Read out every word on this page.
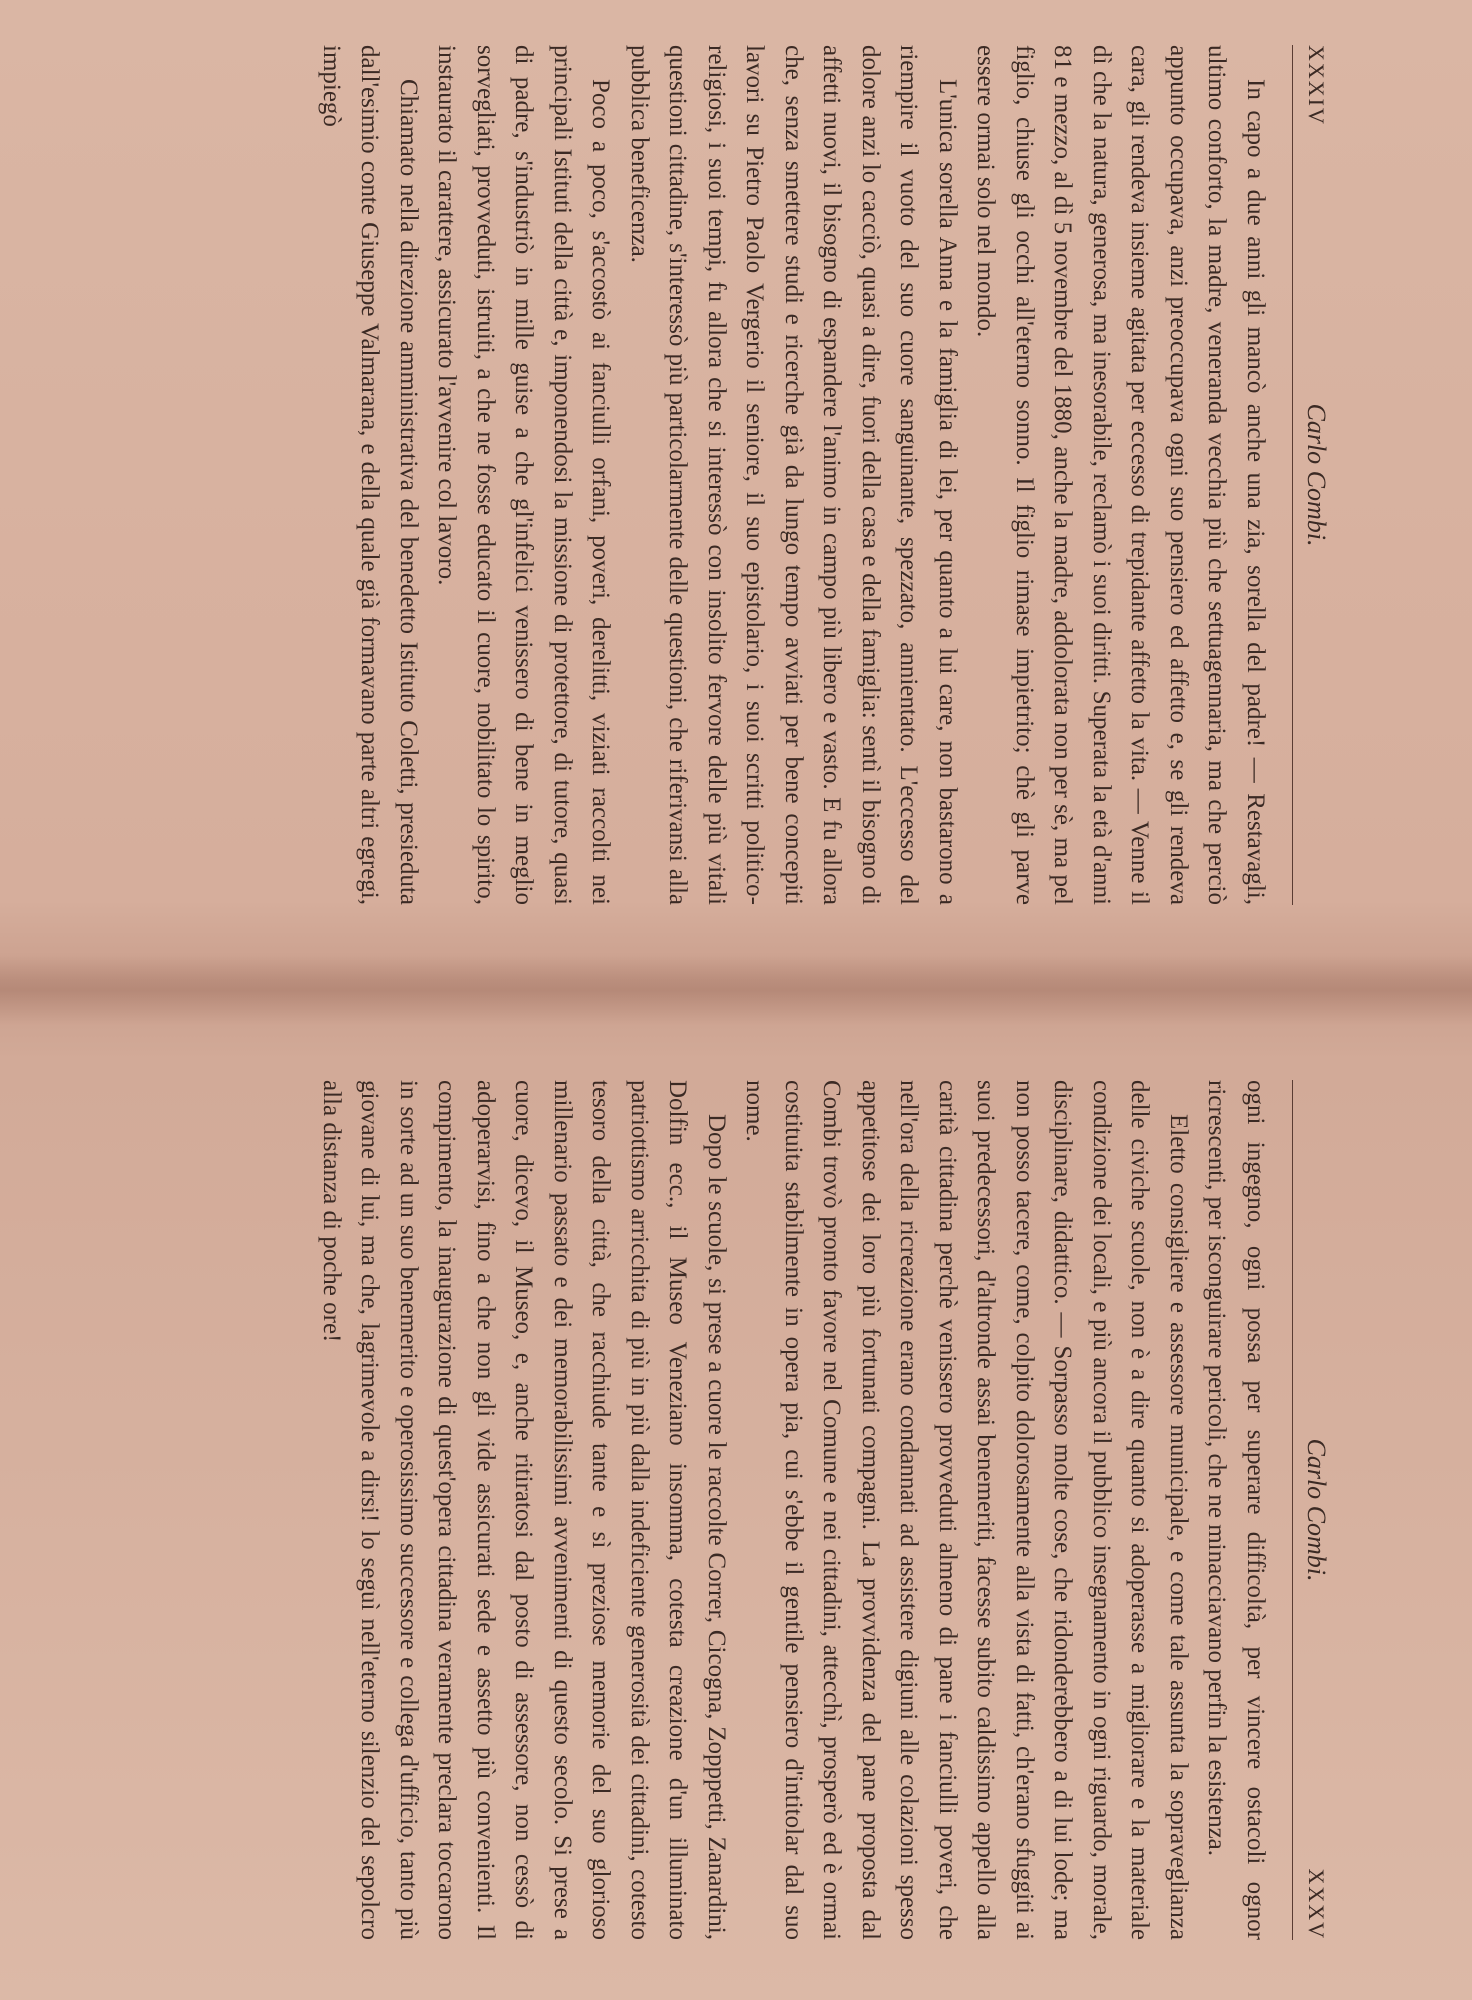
XXXIV
Carlo Combi.

In capo a due anni gli mancò anche una zia, sorella del padre! — Restavagli, ultimo conforto, la madre, veneranda vecchia più che settuagennaria, ma che perciò appunto occupava, anzi preoccupava ogni suo pensiero ed affetto e, se gli rendeva cara, gli rendeva insieme agitata per eccesso di trepidante affetto la vita. — Venne il dì che la natura, generosa, ma inesorabile, reclamò i suoi diritti. Superata la età d'anni 81 e mezzo, al dì 5 novembre del 1880, anche la madre, addolorata non per sè, ma pel figlio, chiuse gli occhi all'eterno sonno. Il figlio rimase impietrito; chè gli parve essere ormai solo nel mondo.

L'unica sorella Anna e la famiglia di lei, per quanto a lui care, non bastarono a riempire il vuoto del suo cuore sanguinante, spezzato, annientato. L'eccesso del dolore anzi lo cacciò, quasi a dire, fuori della casa e della famiglia: sentì il bisogno di affetti nuovi, il bisogno di espandere l'animo in campo più libero e vasto. E fu allora che, senza smettere studi e ricerche già da lungo tempo avviati per bene concepiti lavori su Pietro Paolo Vergerio il seniore, il suo epistolario, i suoi scritti politico-religiosi, i suoi tempi, fu allora che si interessò con insolito fervore delle più vitali questioni cittadine, s'interessò più particolarmente delle questioni, che riferivansi alla pubblica beneficenza.

Poco a poco, s'accostò ai fanciulli orfani, poveri, derelitti, viziati raccolti nei principali Istituti della città e, imponendosi la missione di protettore, di tutore, quasi di padre, s'industriò in mille guise a che gl'infelici venissero di bene in meglio sorvegliati, provveduti, istruiti, a che ne fosse educato il cuore, nobilitato lo spirito, instaurato il carattere, assicurato l'avvenire col lavoro.

Chiamato nella direzione amministrativa del benedetto Istituto Coletti, presieduta dall'esimio conte Giuseppe Valmarana, e della quale già formavano parte altri egregi, impiegò

Carlo Combi.
XXXV

ogni ingegno, ogni possa per superare difficoltà, per vincere ostacoli ognor ricrescenti, per isconguirare pericoli, che ne minacciavano perfin la esistenza.

Eletto consigliere e assessore municipale, e come tale assunta la sopraveglianza delle civiche scuole, non è a dire quanto si adoperasse a migliorare e la materiale condizione dei locali, e più ancora il pubblico insegnamento in ogni riguardo, morale, disciplinare, didattico. — Sorpasso molte cose, che ridonderebbero a di lui lode; ma non posso tacere, come, colpito dolorosamente alla vista di fatti, ch'erano sfuggiti ai suoi predecessori, d'altronde assai benemeriti, facesse subito caldissimo appello alla carità cittadina perchè venissero provveduti almeno di pane i fanciulli poveri, che nell'ora della ricreazione erano condannati ad assistere digiuni alle colazioni spesso appetitose dei loro più fortunati compagni. La provvidenza del pane proposta dal Combi trovò pronto favore nel Comune e nei cittadini, attecchì, prosperò ed è ormai costituita stabilmente in opera pia, cui s'ebbe il gentile pensiero d'intitolar dal suo nome.

Dopo le scuole, si prese a cuore le raccolte Correr, Cicogna, Zopppetti, Zanardini, Dolfin ecc., il Museo Veneziano insomma, cotesta creazione d'un illuminato patriottismo arricchita di più in più dalla indeficiente generosità dei cittadini, cotesto tesoro della città, che racchiude tante e sì preziose memorie del suo glorioso millenario passato e dei memorabilissimi avvenimenti di questo secolo. Si prese a cuore, dicevo, il Museo, e, anche ritiratosi dal posto di assessore, non cessò di adoperarvisi, fino a che non gli vide assicurati sede e assetto più convenienti. Il compimento, la inaugurazione di quest'opera cittadina veramente preclara toccarono in sorte ad un suo benemerito e operosissimo successore e collega d'ufficio, tanto più giovane di lui, ma che, lagrimevole a dirsi! lo seguì nell'eterno silenzio del sepolcro alla distanza di poche ore!
